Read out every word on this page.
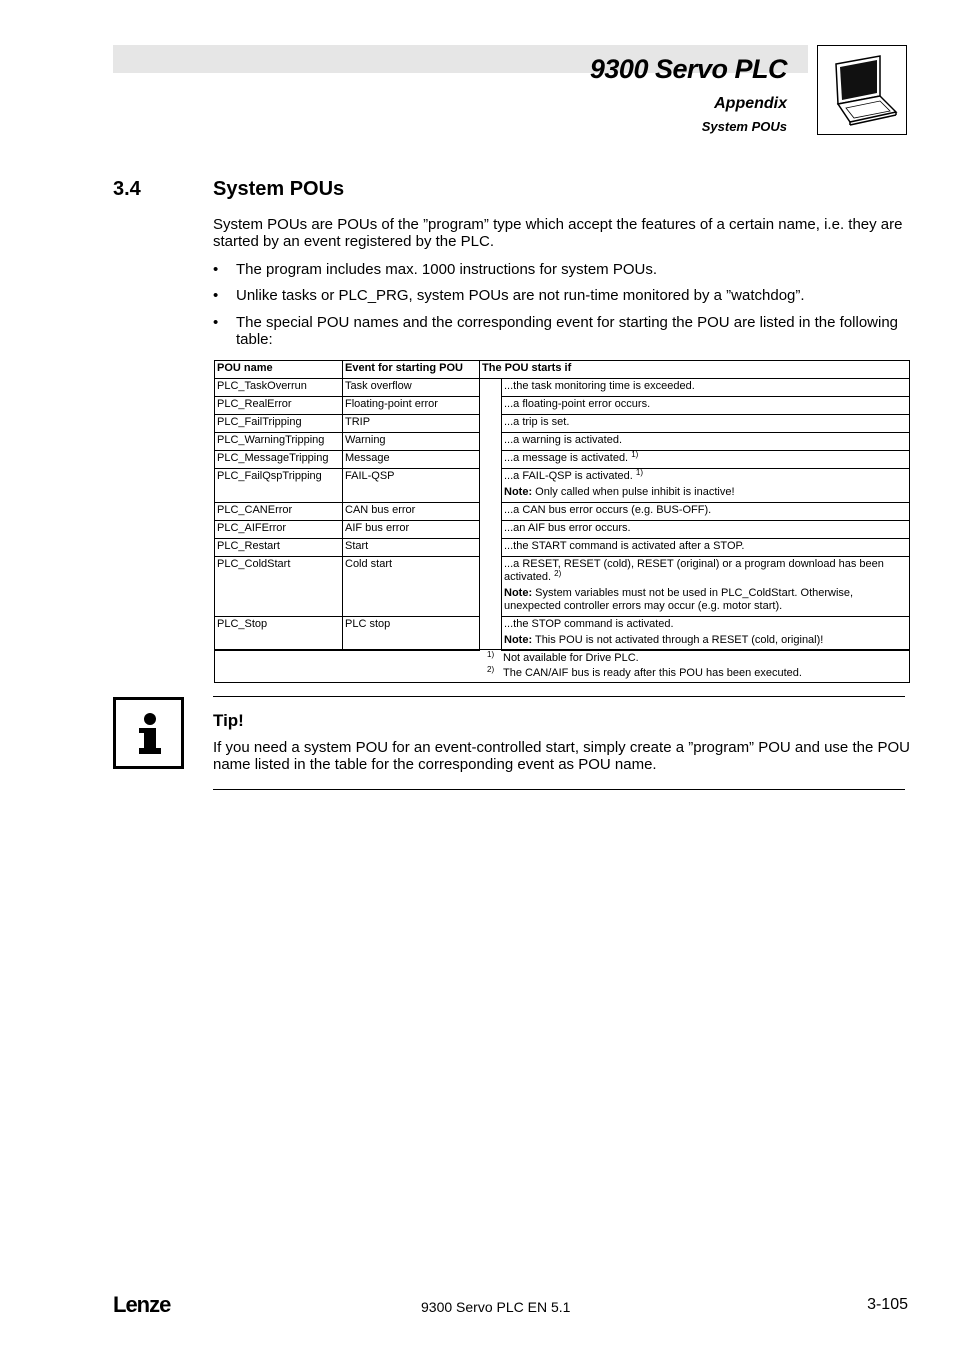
9300 Servo PLC
Appendix
System POUs
3.4	System POUs
System POUs are POUs of the ”program” type which accept the features of a certain name, i.e. they are started by an event registered by the PLC.
• The program includes max. 1000 instructions for system POUs.
• Unlike tasks or PLC_PRG, system POUs are not run-time monitored by a ”watchdog”.
• The special POU names and the corresponding event for starting the POU are listed in the following table:
POU name	Event for starting POU	The POU starts if	
PLC_TaskOverrun	Task overflow		...the task monitoring time is exceeded.

PLC_RealError	Floating-point error		...a floating-point error occurs.

PLC_FailTripping	TRIP		...a trip is set.

PLC_WarningTripping	Warning		...a warning is activated.

PLC_MessageTripping	Message		...a message is activated. $^{1)}$

PLC_FailQspTripping	FAIL-QSP		...a FAIL-QSP is activated. $^{1)}$

Note: Only called when pulse inhibit is inactive!

PLC_CANError	CAN bus error		...a CAN bus error occurs (e.g. BUS-OFF).

PLC_AIFError	AIF bus error		...an AIF bus error occurs.

PLC_Restart	Start		...the START command is activated after a STOP.

PLC_ColdStart	Cold start		...a RESET, RESET (cold), RESET (original) or a program download has been activated. $^{2)}$

Note: System variables must not be used in PLC_ColdStart. Otherwise, unexpected controller errors may occur (e.g. motor start).

PLC_Stop	PLC stop		...the STOP command is activated.

Note: This POU is not activated through a RESET (cold, original)!

1) Not available for Drive PLC.
2) The CAN/AIF bus is ready after this POU has been executed.
Tip!
If you need a system POU for an event-controlled start, simply create a ”program” POU and use the POU name listed in the table for the corresponding event as POU name.
Lenze	9300 Servo PLC EN 5.1	3-105
